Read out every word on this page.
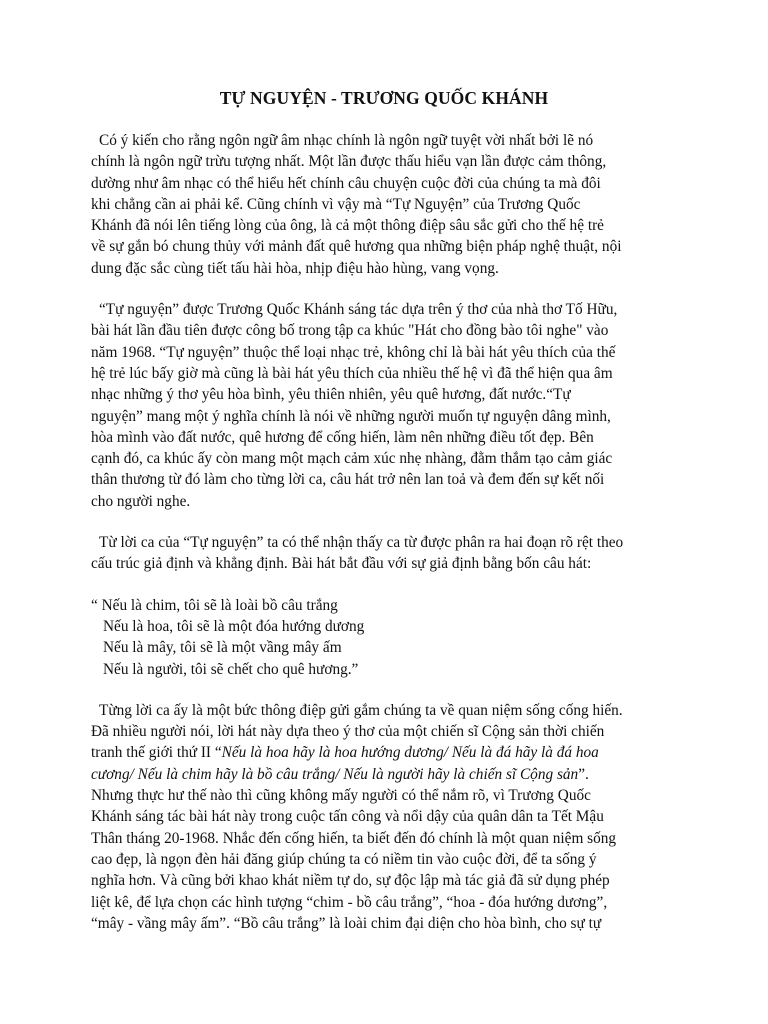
TỰ NGUYỆN - TRƯƠNG QUỐC KHÁNH

Có ý kiến cho rằng ngôn ngữ âm nhạc chính là ngôn ngữ tuyệt vời nhất bởi lẽ nó
chính là ngôn ngữ trừu tượng nhất. Một lần được thấu hiểu vạn lần được cảm thông,
dường như âm nhạc có thể hiểu hết chính câu chuyện cuộc đời của chúng ta mà đôi
khi chẳng cần ai phải kể. Cũng chính vì vậy mà “Tự Nguyện” của Trương Quốc
Khánh đã nói lên tiếng lòng của ông, là cả một thông điệp sâu sắc gửi cho thế hệ trẻ
về sự gắn bó chung thủy với mảnh đất quê hương qua những biện pháp nghệ thuật, nội
dung đặc sắc cùng tiết tấu hài hòa, nhịp điệu hào hùng, vang vọng.

“Tự nguyện” được Trương Quốc Khánh sáng tác dựa trên ý thơ của nhà thơ Tố Hữu,
bài hát lần đầu tiên được công bố trong tập ca khúc "Hát cho đồng bào tôi nghe" vào
năm 1968. “Tự nguyện” thuộc thể loại nhạc trẻ, không chỉ là bài hát yêu thích của thế
hệ trẻ lúc bấy giờ mà cũng là bài hát yêu thích của nhiều thế hệ vì đã thể hiện qua âm
nhạc những ý thơ yêu hòa bình, yêu thiên nhiên, yêu quê hương, đất nước.“Tự
nguyện” mang một ý nghĩa chính là nói về những người muốn tự nguyện dâng mình,
hòa mình vào đất nước, quê hương để cống hiến, làm nên những điều tốt đẹp. Bên
cạnh đó, ca khúc ấy còn mang một mạch cảm xúc nhẹ nhàng, đằm thắm tạo cảm giác
thân thương từ đó làm cho từng lời ca, câu hát trở nên lan toả và đem đến sự kết nối
cho người nghe.

Từ lời ca của “Tự nguyện” ta có thể nhận thấy ca từ được phân ra hai đoạn rõ rệt theo
cấu trúc giả định và khẳng định. Bài hát bắt đầu với sự giả định bằng bốn câu hát:

“ Nếu là chim, tôi sẽ là loài bồ câu trắng
Nếu là hoa, tôi sẽ là một đóa hướng dương
Nếu là mây, tôi sẽ là một vầng mây ấm
Nếu là người, tôi sẽ chết cho quê hương.”

Từng lời ca ấy là một bức thông điệp gửi gắm chúng ta về quan niệm sống cống hiến.
Đã nhiều người nói, lời hát này dựa theo ý thơ của một chiến sĩ Cộng sản thời chiến
tranh thế giới thứ II “Nếu là hoa hãy là hoa hướng dương/ Nếu là đá hãy là đá hoa
cương/ Nếu là chim hãy là bồ câu trắng/ Nếu là người hãy là chiến sĩ Cộng sản”.
Nhưng thực hư thế nào thì cũng không mấy người có thể nắm rõ, vì Trương Quốc
Khánh sáng tác bài hát này trong cuộc tấn công và nổi dậy của quân dân ta Tết Mậu
Thân tháng 20-1968. Nhắc đến cống hiến, ta biết đến đó chính là một quan niệm sống
cao đẹp, là ngọn đèn hải đăng giúp chúng ta có niềm tin vào cuộc đời, để ta sống ý
nghĩa hơn. Và cũng bởi khao khát niềm tự do, sự độc lập mà tác giả đã sử dụng phép
liệt kê, để lựa chọn các hình tượng “chim - bồ câu trắng”, “hoa - đóa hướng dương”,
“mây - vầng mây ấm”. “Bồ câu trắng” là loài chim đại diện cho hòa bình, cho sự tự
